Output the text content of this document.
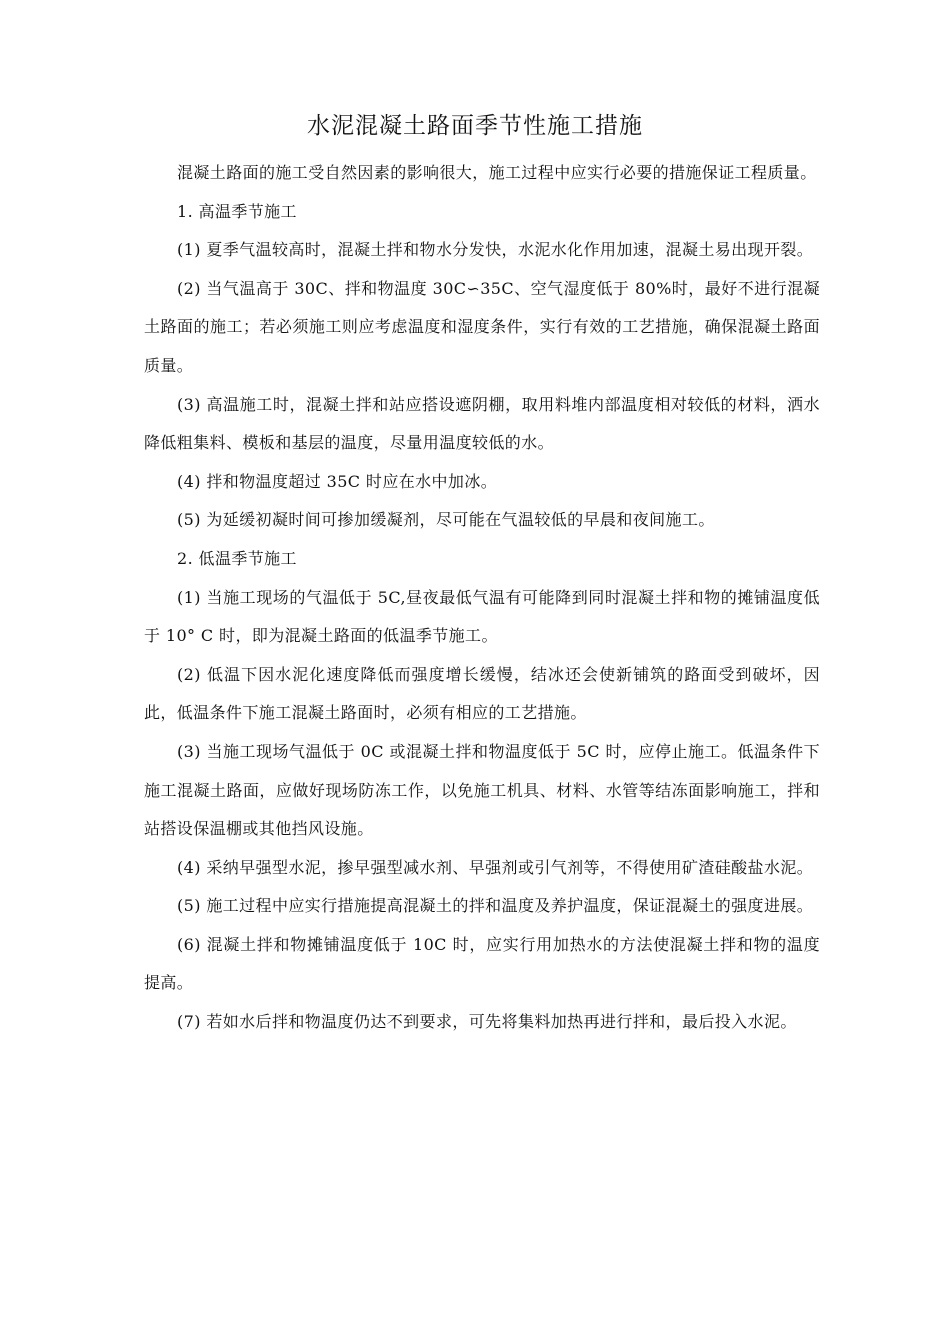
水泥混凝土路面季节性施工措施

混凝土路面的施工受自然因素的影响很大，施工过程中应实行必要的措施保证工程质量。

1. 高温季节施工

(1) 夏季气温较高时，混凝土拌和物水分发快，水泥水化作用加速，混凝土易出现开裂。

(2) 当气温高于 30C、拌和物温度 30C∽35C、空气湿度低于 80%时，最好不进行混凝土路面的施工；若必须施工则应考虑温度和湿度条件，实行有效的工艺措施，确保混凝土路面质量。

(3) 高温施工时，混凝土拌和站应搭设遮阴棚，取用料堆内部温度相对较低的材料，洒水降低粗集料、模板和基层的温度，尽量用温度较低的水。

(4) 拌和物温度超过 35C 时应在水中加冰。

(5) 为延缓初凝时间可掺加缓凝剂，尽可能在气温较低的早晨和夜间施工。

2. 低温季节施工

(1) 当施工现场的气温低于 5C,昼夜最低气温有可能降到同时混凝土拌和物的摊铺温度低于 10° C 时，即为混凝土路面的低温季节施工。

(2) 低温下因水泥化速度降低而强度增长缓慢，结冰还会使新铺筑的路面受到破坏，因此，低温条件下施工混凝土路面时，必须有相应的工艺措施。

(3) 当施工现场气温低于 0C 或混凝土拌和物温度低于 5C 时，应停止施工。低温条件下施工混凝土路面，应做好现场防冻工作，以免施工机具、材料、水管等结冻面影响施工，拌和站搭设保温棚或其他挡风设施。

(4) 采纳早强型水泥，掺早强型减水剂、早强剂或引气剂等，不得使用矿渣硅酸盐水泥。

(5) 施工过程中应实行措施提高混凝土的拌和温度及养护温度，保证混凝土的强度进展。

(6) 混凝土拌和物摊铺温度低于 10C 时，应实行用加热水的方法使混凝土拌和物的温度提高。

(7) 若如水后拌和物温度仍达不到要求，可先将集料加热再进行拌和，最后投入水泥。
